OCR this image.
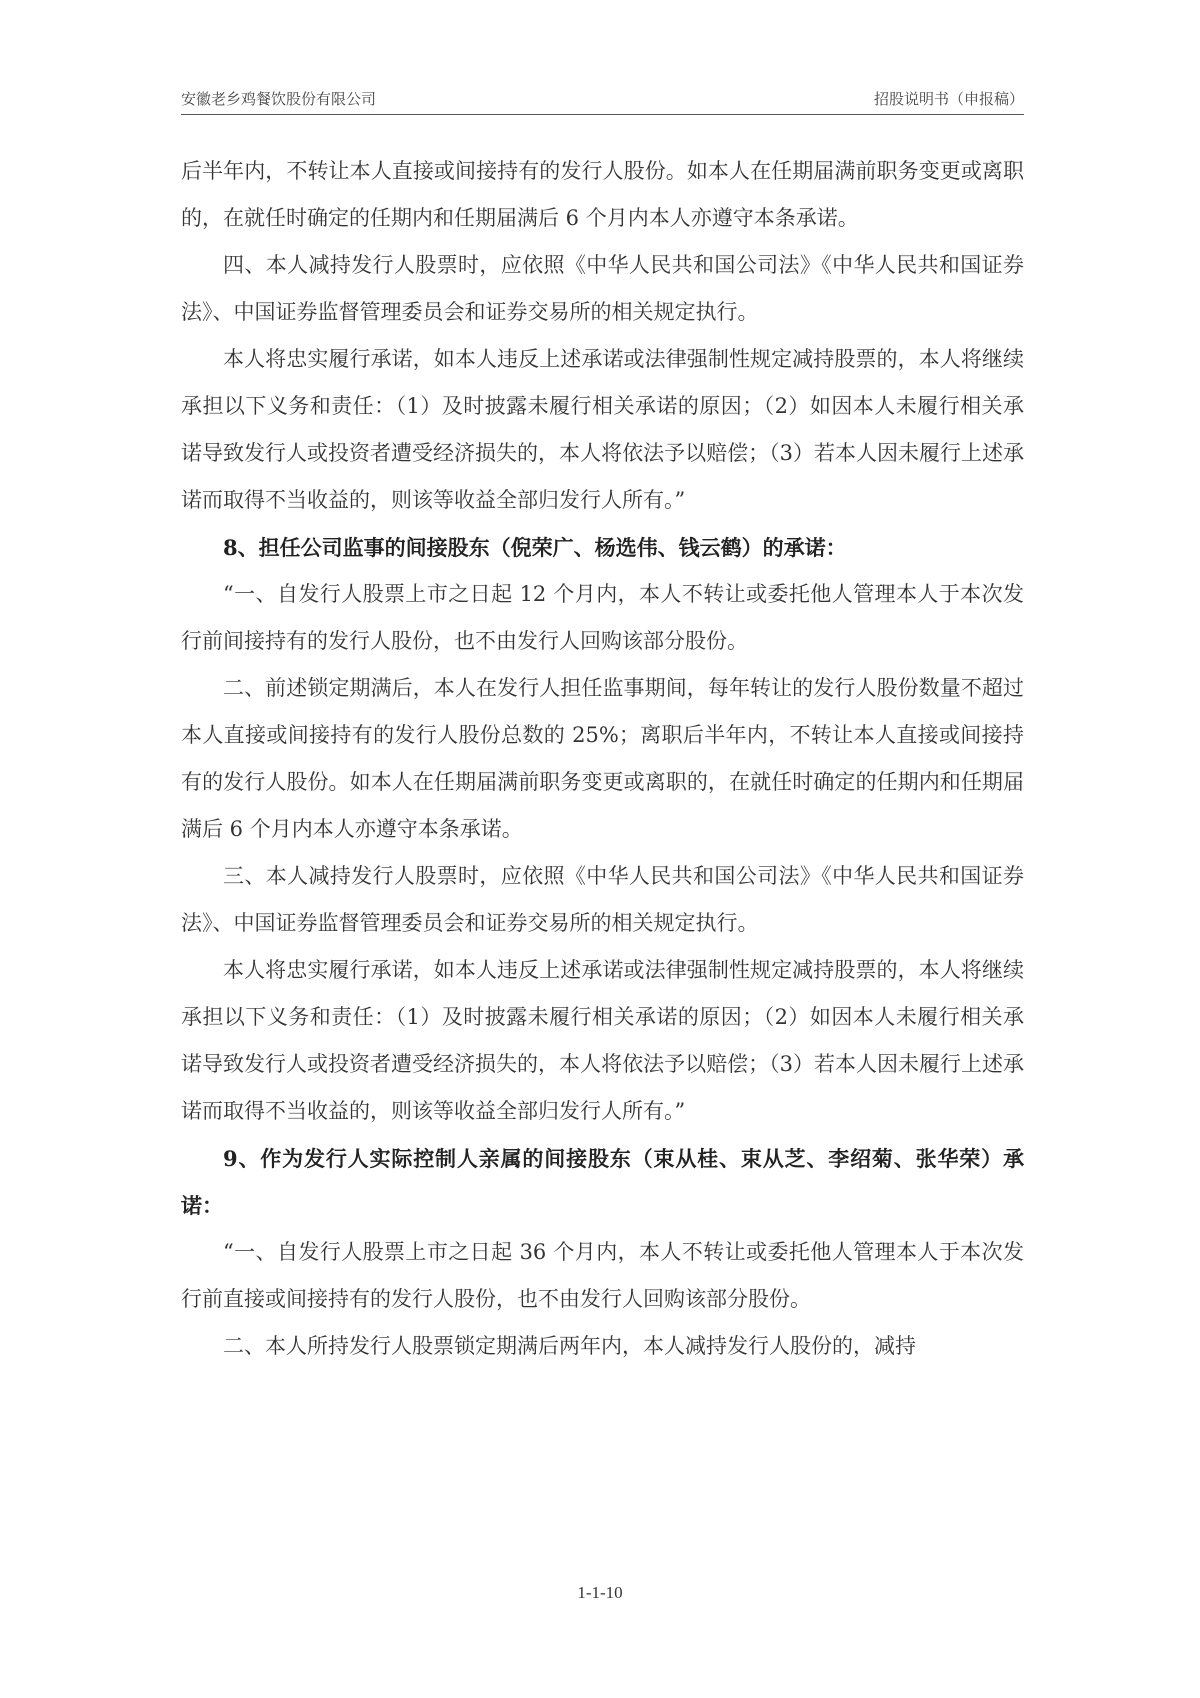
安徽老乡鸡餐饮股份有限公司	招股说明书（申报稿）

后半年内，不转让本人直接或间接持有的发行人股份。如本人在任期届满前职务变更或离职的，在就任时确定的任期内和任期届满后 6 个月内本人亦遵守本条承诺。

四、本人减持发行人股票时，应依照《中华人民共和国公司法》《中华人民共和国证券法》、中国证券监督管理委员会和证券交易所的相关规定执行。

本人将忠实履行承诺，如本人违反上述承诺或法律强制性规定减持股票的，本人将继续承担以下义务和责任：（1）及时披露未履行相关承诺的原因；（2）如因本人未履行相关承诺导致发行人或投资者遭受经济损失的，本人将依法予以赔偿；（3）若本人因未履行上述承诺而取得不当收益的，则该等收益全部归发行人所有。”

8、担任公司监事的间接股东（倪荣广、杨选伟、钱云鹤）的承诺：

“一、自发行人股票上市之日起 12 个月内，本人不转让或委托他人管理本人于本次发行前间接持有的发行人股份，也不由发行人回购该部分股份。

二、前述锁定期满后，本人在发行人担任监事期间，每年转让的发行人股份数量不超过本人直接或间接持有的发行人股份总数的 25%；离职后半年内，不转让本人直接或间接持有的发行人股份。如本人在任期届满前职务变更或离职的，在就任时确定的任期内和任期届满后 6 个月内本人亦遵守本条承诺。

三、本人减持发行人股票时，应依照《中华人民共和国公司法》《中华人民共和国证券法》、中国证券监督管理委员会和证券交易所的相关规定执行。

本人将忠实履行承诺，如本人违反上述承诺或法律强制性规定减持股票的，本人将继续承担以下义务和责任：（1）及时披露未履行相关承诺的原因；（2）如因本人未履行相关承诺导致发行人或投资者遭受经济损失的，本人将依法予以赔偿；（3）若本人因未履行上述承诺而取得不当收益的，则该等收益全部归发行人所有。”

9、作为发行人实际控制人亲属的间接股东（束从桂、束从芝、李绍菊、张华荣）承诺：

“一、自发行人股票上市之日起 36 个月内，本人不转让或委托他人管理本人于本次发行前直接或间接持有的发行人股份，也不由发行人回购该部分股份。

二、本人所持发行人股票锁定期满后两年内，本人减持发行人股份的，减持

1-1-10
